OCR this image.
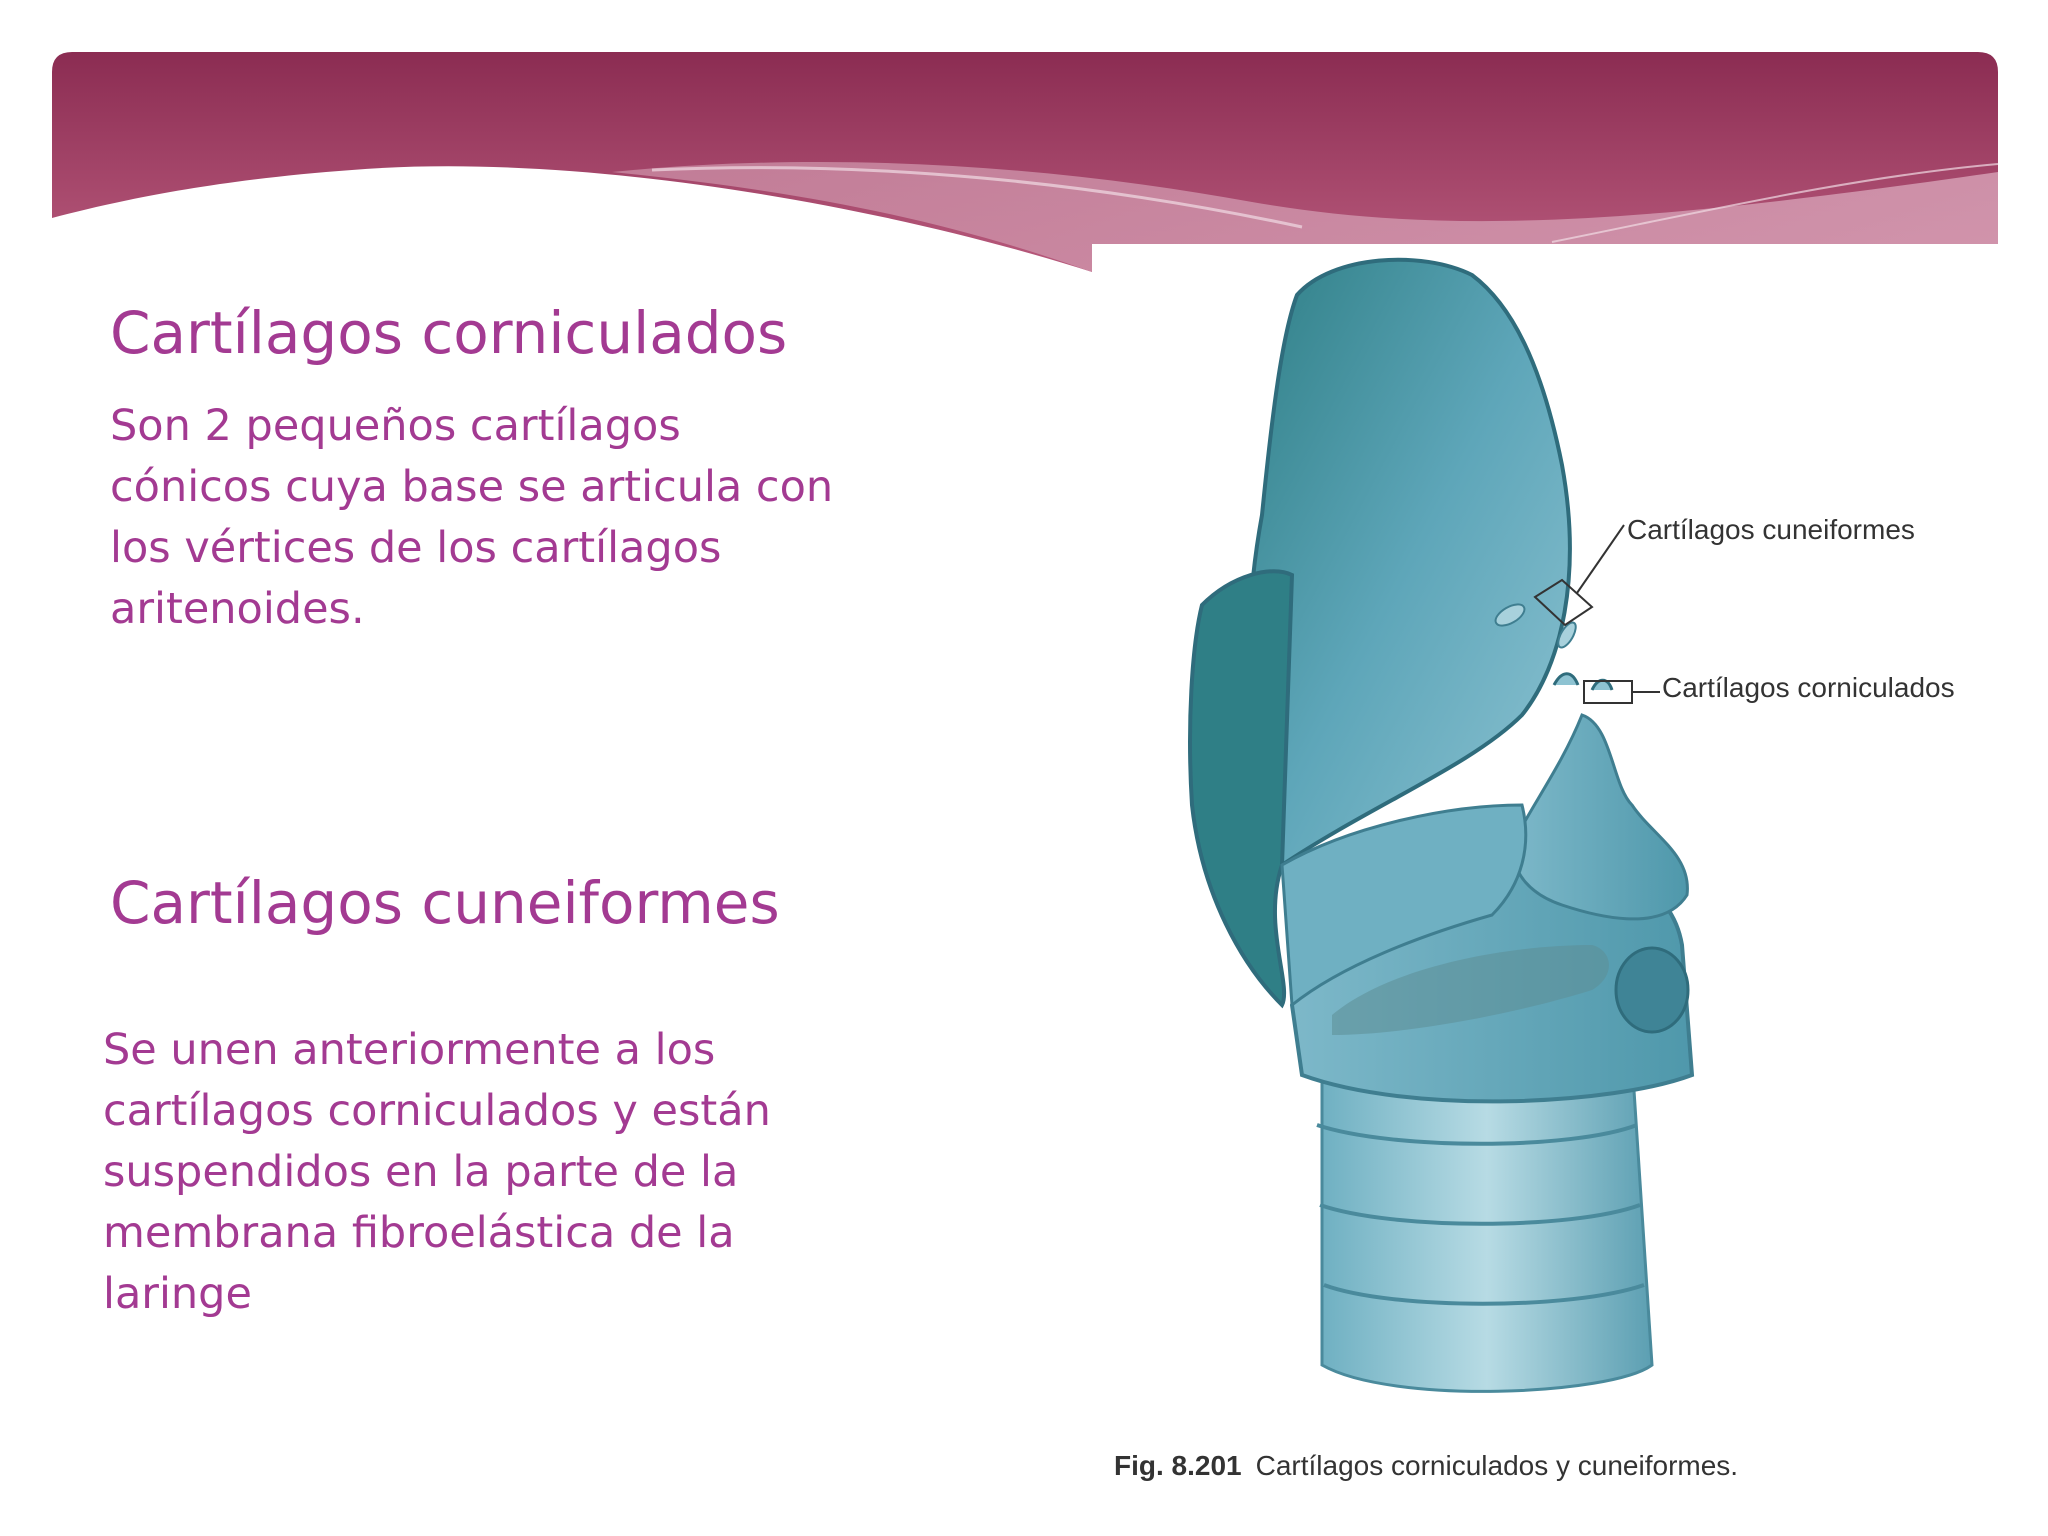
Cartílagos corniculados

Son 2 pequeños cartílagos cónicos cuya base se articula con los vértices de los cartílagos aritenoides.

Cartílagos cuneiformes

Se unen anteriormente a los cartílagos corniculados y están suspendidos en la parte de la membrana fibroelástica de la laringe

Cartílagos cuneiformes
Cartílagos corniculados
Fig. 8.201 Cartílagos corniculados y cuneiformes.
